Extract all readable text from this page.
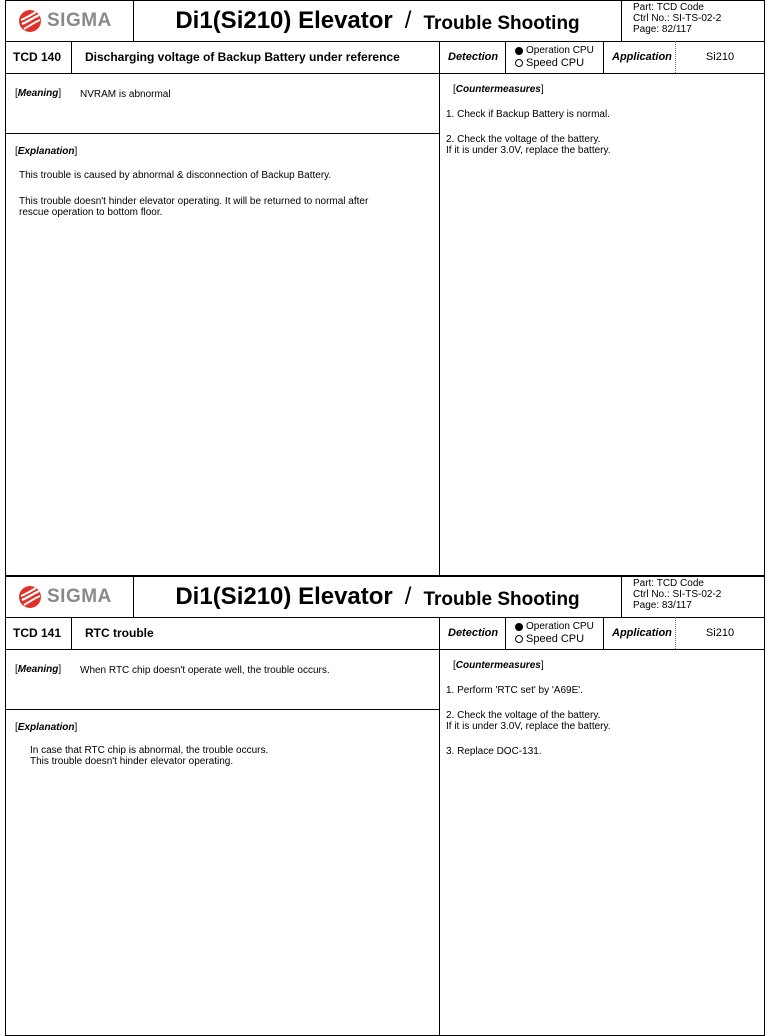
SIGMA	Di1(Si210) Elevator / Trouble Shooting
Part: TCD Code
Ctrl No.: SI-TS-02-2
Page: 82/117
TCD 140	Discharging voltage of Backup Battery under reference	Detection
Operation CPU
Speed CPU	Application	Si210
[Meaning] NVRAM is abnormal
[Explanation]

This trouble is caused by abnormal & disconnection of Backup Battery.

This trouble doesn't hinder elevator operating. It will be returned to normal after
rescue operation to bottom floor.

[Countermeasures]

1. Check if Backup Battery is normal.

2. Check the voltage of the battery.
If it is under 3.0V, replace the battery.

SIGMA	Di1(Si210) Elevator / Trouble Shooting
Part: TCD Code
Ctrl No.: SI-TS-02-2
Page: 83/117
TCD 141	RTC trouble	Detection
Operation CPU
Speed CPU	Application	Si210
[Meaning] When RTC chip doesn't operate well, the trouble occurs.
[Explanation]

In case that RTC chip is abnormal, the trouble occurs.
This trouble doesn't hinder elevator operating.

[Countermeasures]

1. Perform 'RTC set' by 'A69E'.

2. Check the voltage of the battery.
If it is under 3.0V, replace the battery.

3. Replace DOC-131.
